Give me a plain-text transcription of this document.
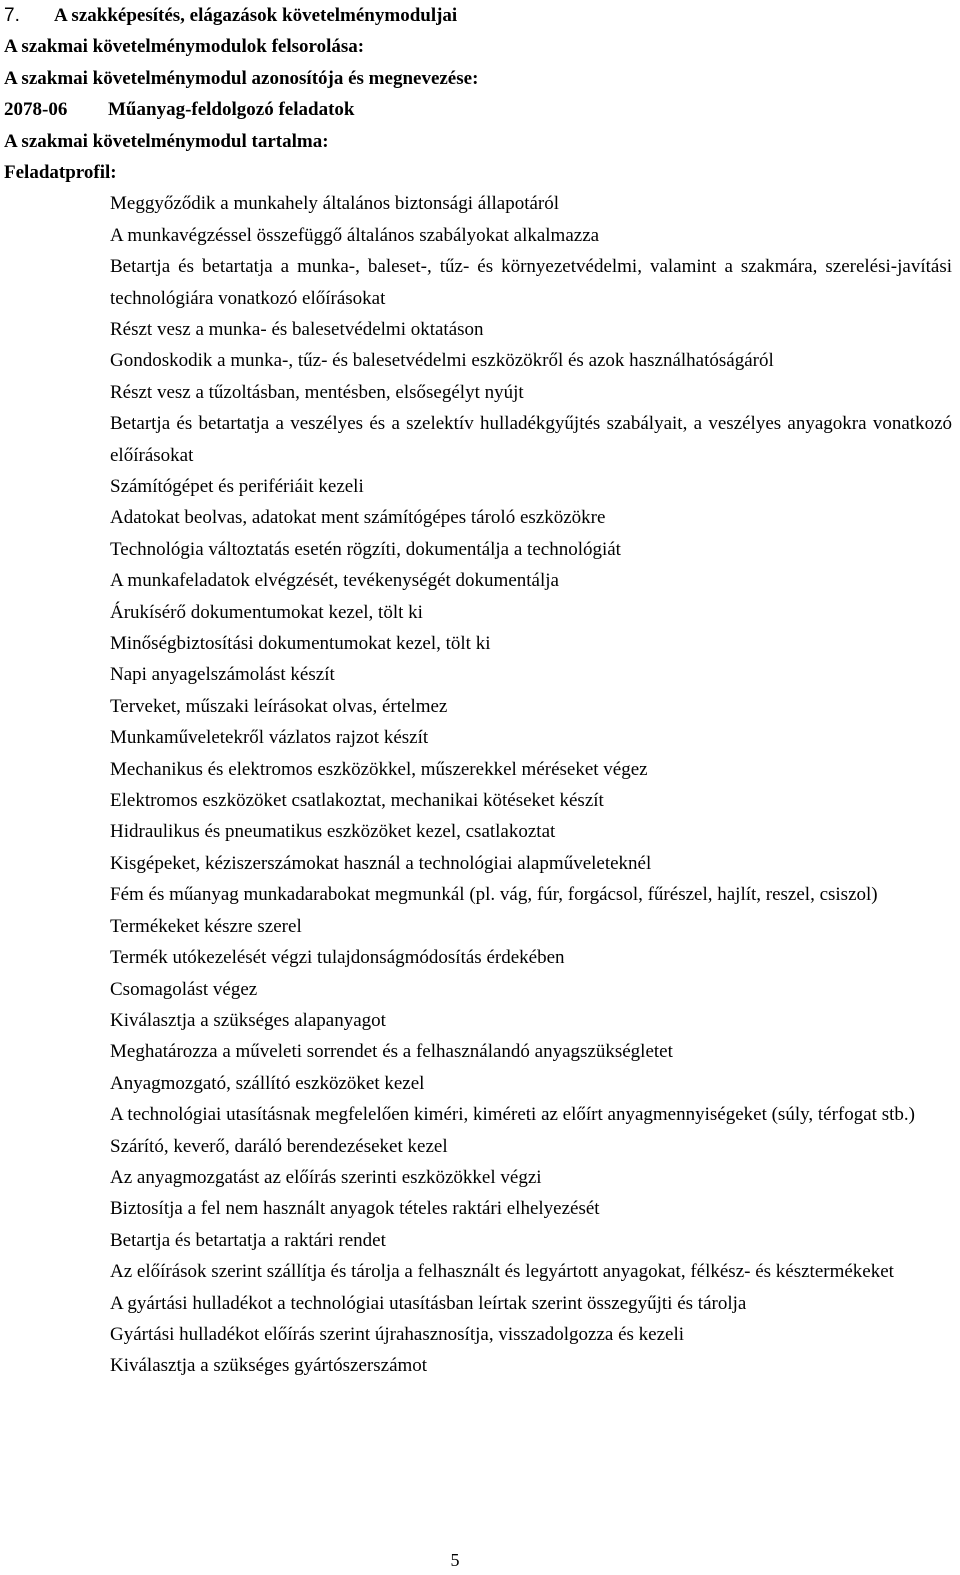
7. A szakképesítés, elágazások követelménymoduljai
A szakmai követelménymodulok felsorolása:
A szakmai követelménymodul azonosítója és megnevezése:
2078-06 Műanyag-feldolgozó feladatok
A szakmai követelménymodul tartalma:
Feladatprofil:
Meggyőződik a munkahely általános biztonsági állapotáról
A munkavégzéssel összefüggő általános szabályokat alkalmazza
Betartja és betartatja a munka-, baleset-, tűz- és környezetvédelmi, valamint a szakmára, szerelési-javítási technológiára vonatkozó előírásokat
Részt vesz a munka- és balesetvédelmi oktatáson
Gondoskodik a munka-, tűz- és balesetvédelmi eszközökről és azok használhatóságáról
Részt vesz a tűzoltásban, mentésben, elsősegélyt nyújt
Betartja és betartatja a veszélyes és a szelektív hulladékgyűjtés szabályait, a veszélyes anyagokra vonatkozó előírásokat
Számítógépet és perifériáit kezeli
Adatokat beolvas, adatokat ment számítógépes tároló eszközökre
Technológia változtatás esetén rögzíti, dokumentálja a technológiát
A munkafeladatok elvégzését, tevékenységét dokumentálja
Árukísérő dokumentumokat kezel, tölt ki
Minőségbiztosítási dokumentumokat kezel, tölt ki
Napi anyagelszámolást készít
Terveket, műszaki leírásokat olvas, értelmez
Munkaműveletekről vázlatos rajzot készít
Mechanikus és elektromos eszközökkel, műszerekkel méréseket végez
Elektromos eszközöket csatlakoztat, mechanikai kötéseket készít
Hidraulikus és pneumatikus eszközöket kezel, csatlakoztat
Kisgépeket, kéziszerszámokat használ a technológiai alapműveleteknél
Fém és műanyag munkadarabokat megmunkál (pl. vág, fúr, forgácsol, fűrészel, hajlít, reszel, csiszol)
Termékeket készre szerel
Termék utókezelését végzi tulajdonságmódosítás érdekében
Csomagolást végez
Kiválasztja a szükséges alapanyagot
Meghatározza a műveleti sorrendet és a felhasználandó anyagszükségletet
Anyagmozgató, szállító eszközöket kezel
A technológiai utasításnak megfelelően kiméri, kiméreti az előírt anyagmennyiségeket (súly, térfogat stb.)
Szárító, keverő, daráló berendezéseket kezel
Az anyagmozgatást az előírás szerinti eszközökkel végzi
Biztosítja a fel nem használt anyagok tételes raktári elhelyezését
Betartja és betartatja a raktári rendet
Az előírások szerint szállítja és tárolja a felhasznált és legyártott anyagokat, félkész- és késztermékeket
A gyártási hulladékot a technológiai utasításban leírtak szerint összegyűjti és tárolja
Gyártási hulladékot előírás szerint újrahasznosítja, visszadolgozza és kezeli
Kiválasztja a szükséges gyártószerszámot
5
